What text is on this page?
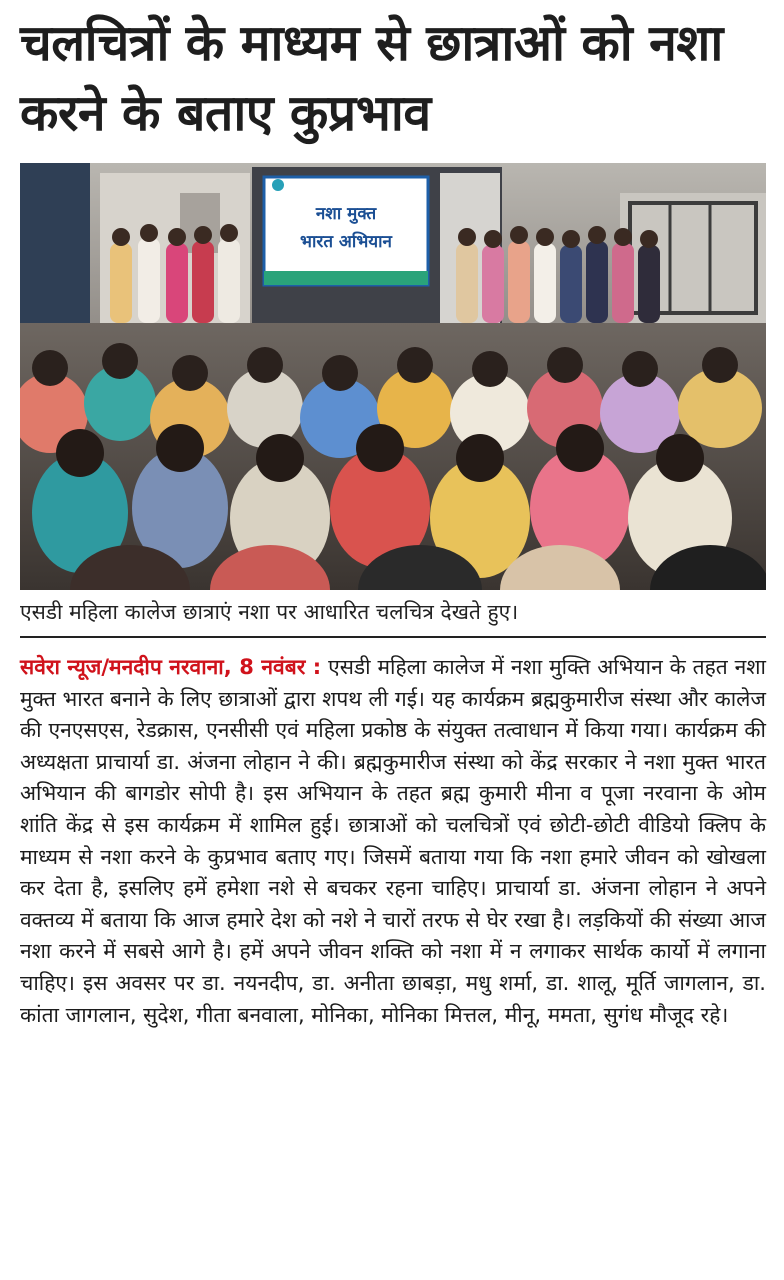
चलचित्रों के माध्यम से छात्राओं को नशा करने के बताए कुप्रभाव
नशा मुक्त
भारत अभियान

एसडी महिला कालेज छात्राएं नशा पर आधारित चलचित्र देखते हुए।

सवेरा न्यूज/मनदीप नरवाना, 8 नवंबर : एसडी महिला कालेज में नशा मुक्ति अभियान के तहत नशा मुक्त भारत बनाने के लिए छात्राओं द्वारा शपथ ली गई। यह कार्यक्रम ब्रह्मकुमारीज संस्था और कालेज की एनएसएस, रेडक्रास, एनसीसी एवं महिला प्रकोष्ठ के संयुक्त तत्वाधान में किया गया। कार्यक्रम की अध्यक्षता प्राचार्या डा. अंजना लोहान ने की। ब्रह्मकुमारीज संस्था को केंद्र सरकार ने नशा मुक्त भारत अभियान की बागडोर सोपी है। इस अभियान के तहत ब्रह्म कुमारी मीना व पूजा नरवाना के ओम शांति केंद्र से इस कार्यक्रम में शामिल हुई। छात्राओं को चलचित्रों एवं छोटी-छोटी वीडियो क्लिप के माध्यम से नशा करने के कुप्रभाव बताए गए। जिसमें बताया गया कि नशा हमारे जीवन को खोखला कर देता है, इसलिए हमें हमेशा नशे से बचकर रहना चाहिए। प्राचार्या डा. अंजना लोहान ने अपने वक्तव्य में बताया कि आज हमारे देश को नशे ने चारों तरफ से घेर रखा है। लड़कियों की संख्या आज नशा करने में सबसे आगे है। हमें अपने जीवन शक्ति को नशा में न लगाकर सार्थक कार्यो में लगाना चाहिए। इस अवसर पर डा. नयनदीप, डा. अनीता छाबड़ा, मधु शर्मा, डा. शालू, मूर्ति जागलान, डा. कांता जागलान, सुदेश, गीता बनवाला, मोनिका, मोनिका मित्तल, मीनू, ममता, सुगंध मौजूद रहे।
